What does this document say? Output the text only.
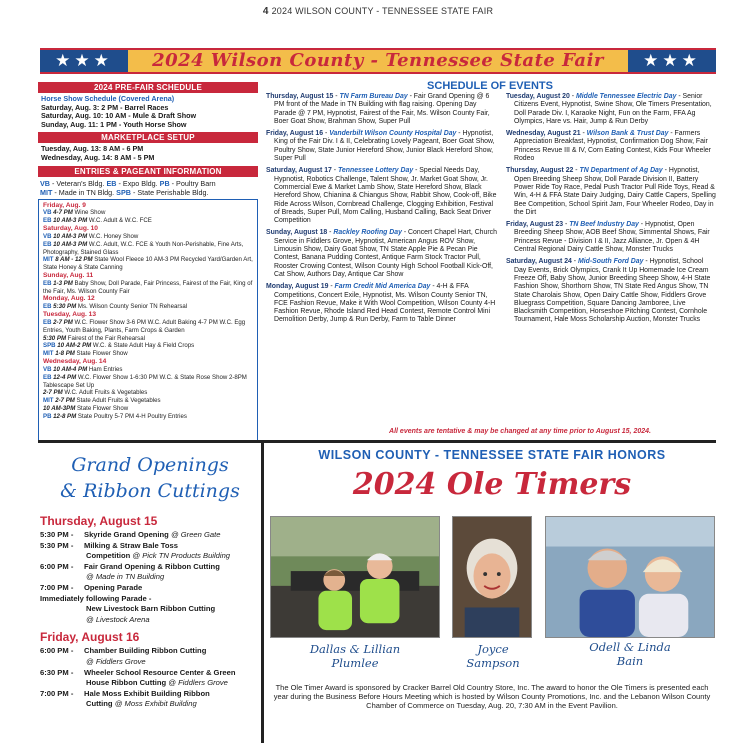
4 2024 WILSON COUNTY - TENNESSEE STATE FAIR
★★★	2024 Wilson County - Tennessee State Fair	★★★
2024 PRE-FAIR SCHEDULE
Horse Show Schedule (Covered Arena)
Saturday, Aug. 3: 2 PM - Barrel Races
Saturday, Aug. 10: 10 AM - Mule & Draft Show
Sunday, Aug. 11: 1 PM - Youth Horse Show
MARKETPLACE SETUP
Tuesday, Aug. 13: 8 AM - 6 PM
Wednesday, Aug. 14: 8 AM - 5 PM
ENTRIES & PAGEANT INFORMATION
VB - Veteran's Bldg. EB - Expo Bldg. PB - Poultry Barn
MIT - Made in TN Bldg. SPB - State Perishable Bldg.
Friday, Aug. 9
VB 4-7 PM Wine Show
EB 10 AM-3 PM W.C. Adult & W.C. FCE
Saturday, Aug. 10
VB 10 AM-3 PM W.C. Honey Show
EB 10 AM-3 PM W.C. Adult, W.C. FCE & Youth Non-Perishable, Fine Arts, Photography, Stained Glass
MIT 8 AM - 12 PM State Wool Fleece 10 AM-3 PM Recycled Yard/Garden Art, State Honey & State Canning
Sunday, Aug. 11
EB 1-3 PM Baby Show, Doll Parade, Fair Princess, Fairest of the Fair, King of the Fair, Ms. Wilson County Fair
Monday, Aug. 12
EB 5:30 PM Ms. Wilson County Senior TN Rehearsal
Tuesday, Aug. 13
EB 2-7 PM W.C. Flower Show 3-6 PM W.C. Adult Baking 4-7 PM W.C. Egg Entries, Youth Baking, Plants, Farm Crops & Garden
5:30 PM Fairest of the Fair Rehearsal
SPB 10 AM-2 PM W.C. & State Adult Hay & Field Crops
MIT 1-8 PM State Flower Show
Wednesday, Aug. 14
VB 10 AM-4 PM Ham Entries
EB 12-4 PM W.C. Flower Show 1-6:30 PM W.C. & State Rose Show 2-8PM Tablescape Set Up
2-7 PM W.C. Adult Fruits & Vegetables
MIT 2-7 PM State Adult Fruits & Vegetables
10 AM-3PM State Flower Show
PB 12-8 PM State Poultry 5-7 PM 4-H Poultry Entries
SCHEDULE OF EVENTS
Thursday, August 15 - TN Farm Bureau Day - Fair Grand Opening @ 6 PM front of the Made in TN Building with flag raising. Opening Day Parade @ 7 PM, Hypnotist, Fairest of the Fair, Ms. Wilson County Fair, Boer Goat Show, Brahman Show, Super Pull
Friday, August 16 - Vanderbilt Wilson County Hospital Day - Hypnotist, King of the Fair Div. I & II, Celebrating Lovely Pageant, Boer Goat Show, Poultry Show, State Junior Hereford Show, Junior Black Hereford Show, Super Pull
Saturday, August 17 - Tennessee Lottery Day - Special Needs Day, Hypnotist, Robotics Challenge, Talent Show, Jr. Market Goat Show, Jr. Commercial Ewe & Market Lamb Show, State Hereford Show, Black Hereford Show, Chianina & Chiangus Show, Rabbit Show, Cook-off, Bike Ride Across Wilson, Cornbread Challenge, Clogging Exhibition, Festival of Breads, Super Pull, Mom Calling, Husband Calling, Back Seat Driver Competition
Sunday, August 18 - Rackley Roofing Day - Concert Chapel Hart, Church Service in Fiddlers Grove, Hypnotist, American Angus ROV Show, Limousin Show, Dairy Goat Show, TN State Apple Pie & Pecan Pie Contest, Banana Pudding Contest, Antique Farm Stock Tractor Pull, Rooster Crowing Contest, Wilson County High School Football Kick-Off, Cat Show, Authors Day, Antique Car Show
Monday, August 19 - Farm Credit Mid America Day - 4-H & FFA Competitions, Concert Exile, Hypnotist, Ms. Wilson County Senior TN, FCE Fashion Revue, Make it With Wool Competition, Wilson County 4-H Fashion Revue, Rhode Island Red Head Contest, Remote Control Mini Demolition Derby, Jump & Run Derby, Farm to Table Dinner
Tuesday, August 20 - Middle Tennessee Electric Day - Senior Citizens Event, Hypnotist, Swine Show, Ole Timers Presentation, Doll Parade Div. I, Karaoke Night, Fun on the Farm, FFA Ag Olympics, Hare vs. Hair, Jump & Run Derby
Wednesday, August 21 - Wilson Bank & Trust Day - Farmers Appreciation Breakfast, Hypnotist, Confirmation Dog Show, Fair Princess Revue III & IV, Corn Eating Contest, Kids Four Wheeler Rodeo
Thursday, August 22 - TN Department of Ag Day - Hypnotist, Open Breeding Sheep Show, Doll Parade Division II, Battery Power Ride Toy Race, Pedal Push Tractor Pull Ride Toys, Read & Win, 4-H & FFA State Dairy Judging, Dairy Cattle Capers, Spelling Bee Competition, School Spirit Jam, Four Wheeler Rodeo, Day in the Dirt
Friday, August 23 - TN Beef Industry Day - Hypnotist, Open Breeding Sheep Show, AOB Beef Show, Simmental Shows, Fair Princess Revue - Division I & II, Jazz Alliance, Jr. Open & 4H Central Regional Dairy Cattle Show, Monster Trucks
Saturday, August 24 - Mid-South Ford Day - Hypnotist, School Day Events, Brick Olympics, Crank It Up Homemade Ice Cream Freeze Off, Baby Show, Junior Breeding Sheep Show, 4-H State Fashion Show, Shorthorn Show, TN State Red Angus Show, TN State Charolais Show, Open Dairy Cattle Show, Fiddlers Grove Bluegrass Competition, Square Dancing Jamboree, Live Blacksmith Competition, Horseshoe Pitching Contest, Cornhole Tournament, Hale Moss Scholarship Auction, Monster Trucks
All events are tentative & may be changed at any time prior to August 15, 2024.
Grand Openings
& Ribbon Cuttings
Thursday, August 15
5:30 PM -	Skyride Grand Opening @ Green Gate
5:30 PM -	Milking & Straw Bale Toss
Competition @ Pick TN Products Building
6:00 PM -	Fair Grand Opening & Ribbon Cutting
@ Made in TN Building
7:00 PM -	Opening Parade
Immediately following Parade -
New Livestock Barn Ribbon Cutting
@ Livestock Arena
Friday, August 16
6:00 PM -	Chamber Building Ribbon Cutting
@ Fiddlers Grove
6:30 PM -	Wheeler School Resource Center & Green
House Ribbon Cutting @ Fiddlers Grove
7:00 PM -	Hale Moss Exhibit Building Ribbon
Cutting @ Moss Exhibit Building
WILSON COUNTY - TENNESSEE STATE FAIR HONORS
2024 Ole Timers
Dallas & Lillian
Plumlee
Joyce
Sampson
Odell & Linda
Bain
The Ole Timer Award is sponsored by Cracker Barrel Old Country Store, Inc. The award to honor the Ole Timers is presented each year during the Business Before Hours Meeting which is hosted by Wilson County Promotions, Inc. and the Lebanon Wilson County Chamber of Commerce on Tuesday, Aug. 20, 7:30 AM in the Event Pavilion.
